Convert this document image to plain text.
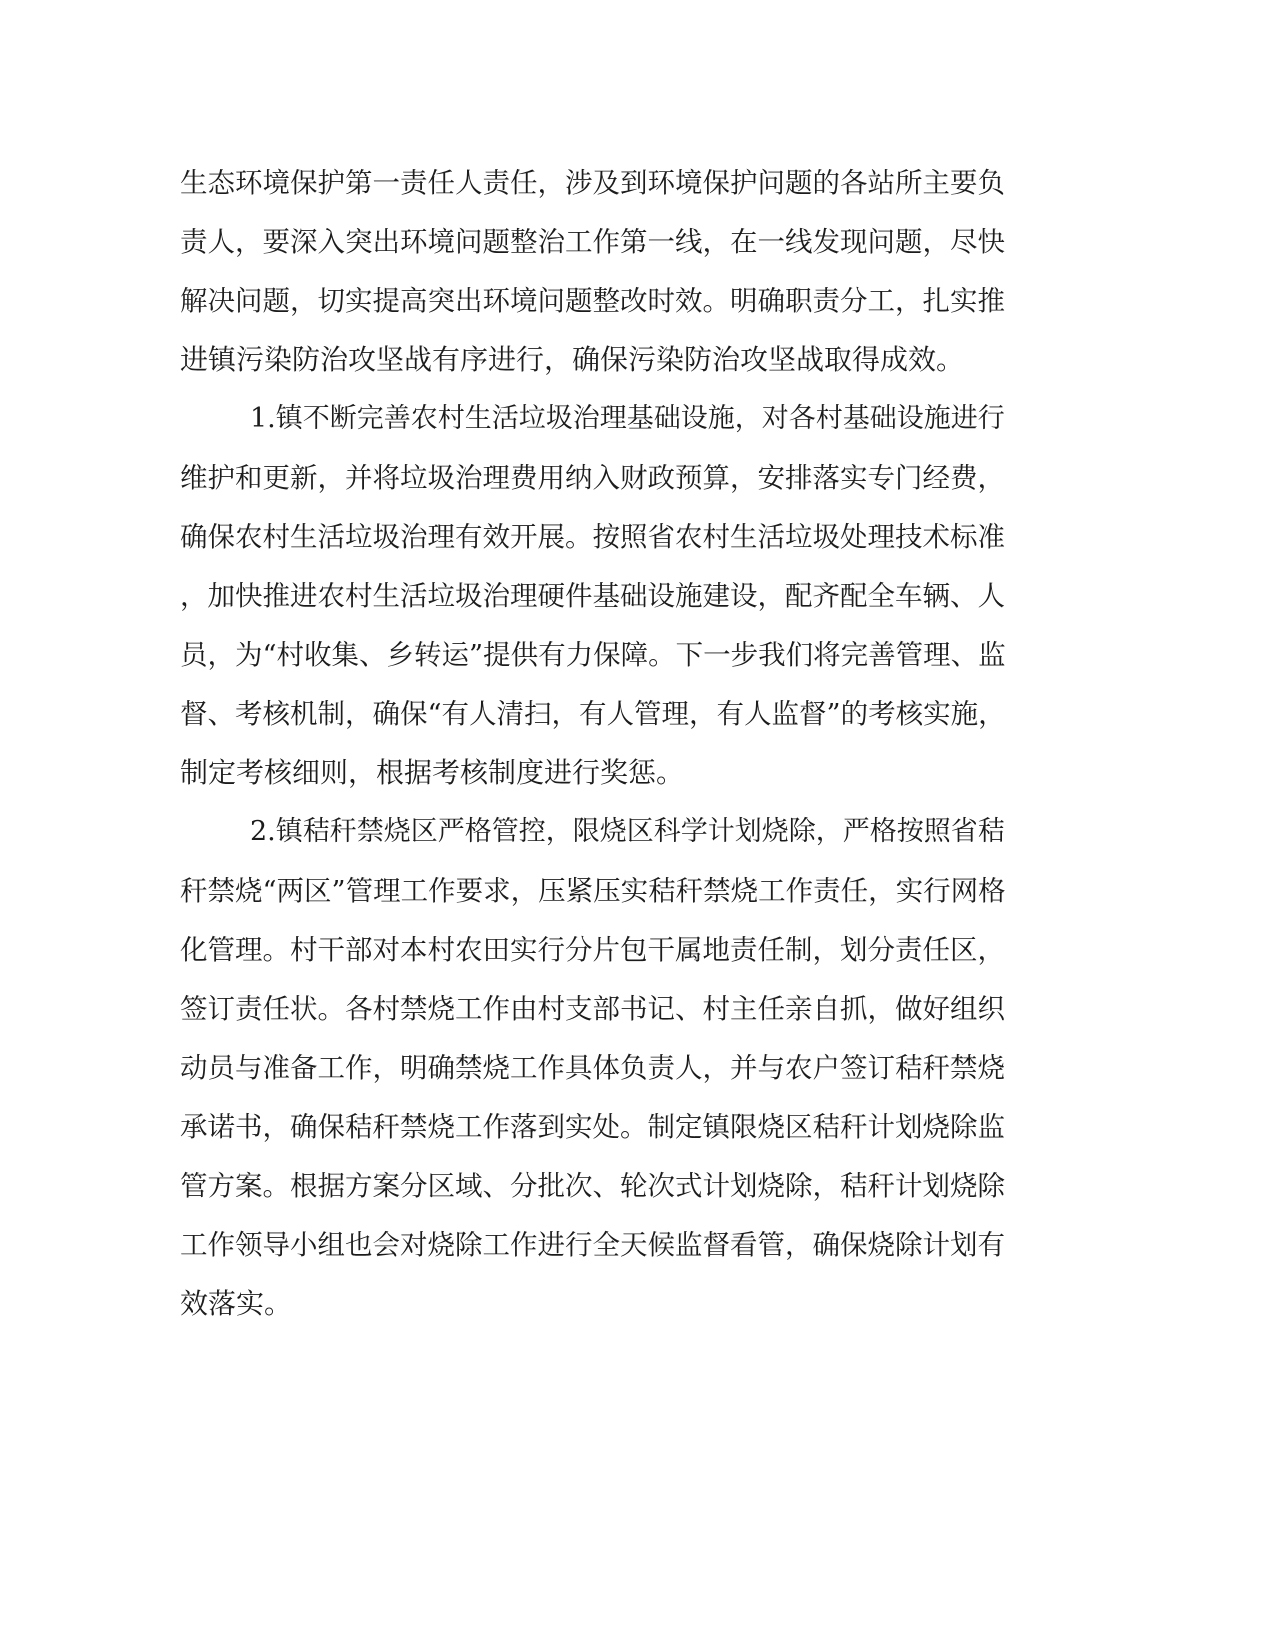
生态环境保护第一责任人责任，涉及到环境保护问题的各站所主要负
责人，要深入突出环境问题整治工作第一线，在一线发现问题，尽快
解决问题，切实提高突出环境问题整改时效。明确职责分工，扎实推
进镇污染防治攻坚战有序进行，确保污染防治攻坚战取得成效。
1.镇不断完善农村生活垃圾治理基础设施，对各村基础设施进行
维护和更新，并将垃圾治理费用纳入财政预算，安排落实专门经费，
确保农村生活垃圾治理有效开展。按照省农村生活垃圾处理技术标准
，加快推进农村生活垃圾治理硬件基础设施建设，配齐配全车辆、人
员，为“村收集、乡转运”提供有力保障。下一步我们将完善管理、监
督、考核机制，确保“有人清扫，有人管理，有人监督”的考核实施，
制定考核细则，根据考核制度进行奖惩。
2.镇秸秆禁烧区严格管控，限烧区科学计划烧除，严格按照省秸
秆禁烧“两区”管理工作要求，压紧压实秸秆禁烧工作责任，实行网格
化管理。村干部对本村农田实行分片包干属地责任制，划分责任区，
签订责任状。各村禁烧工作由村支部书记、村主任亲自抓，做好组织
动员与准备工作，明确禁烧工作具体负责人，并与农户签订秸秆禁烧
承诺书，确保秸秆禁烧工作落到实处。制定镇限烧区秸秆计划烧除监
管方案。根据方案分区域、分批次、轮次式计划烧除，秸秆计划烧除
工作领导小组也会对烧除工作进行全天候监督看管，确保烧除计划有
效落实。
